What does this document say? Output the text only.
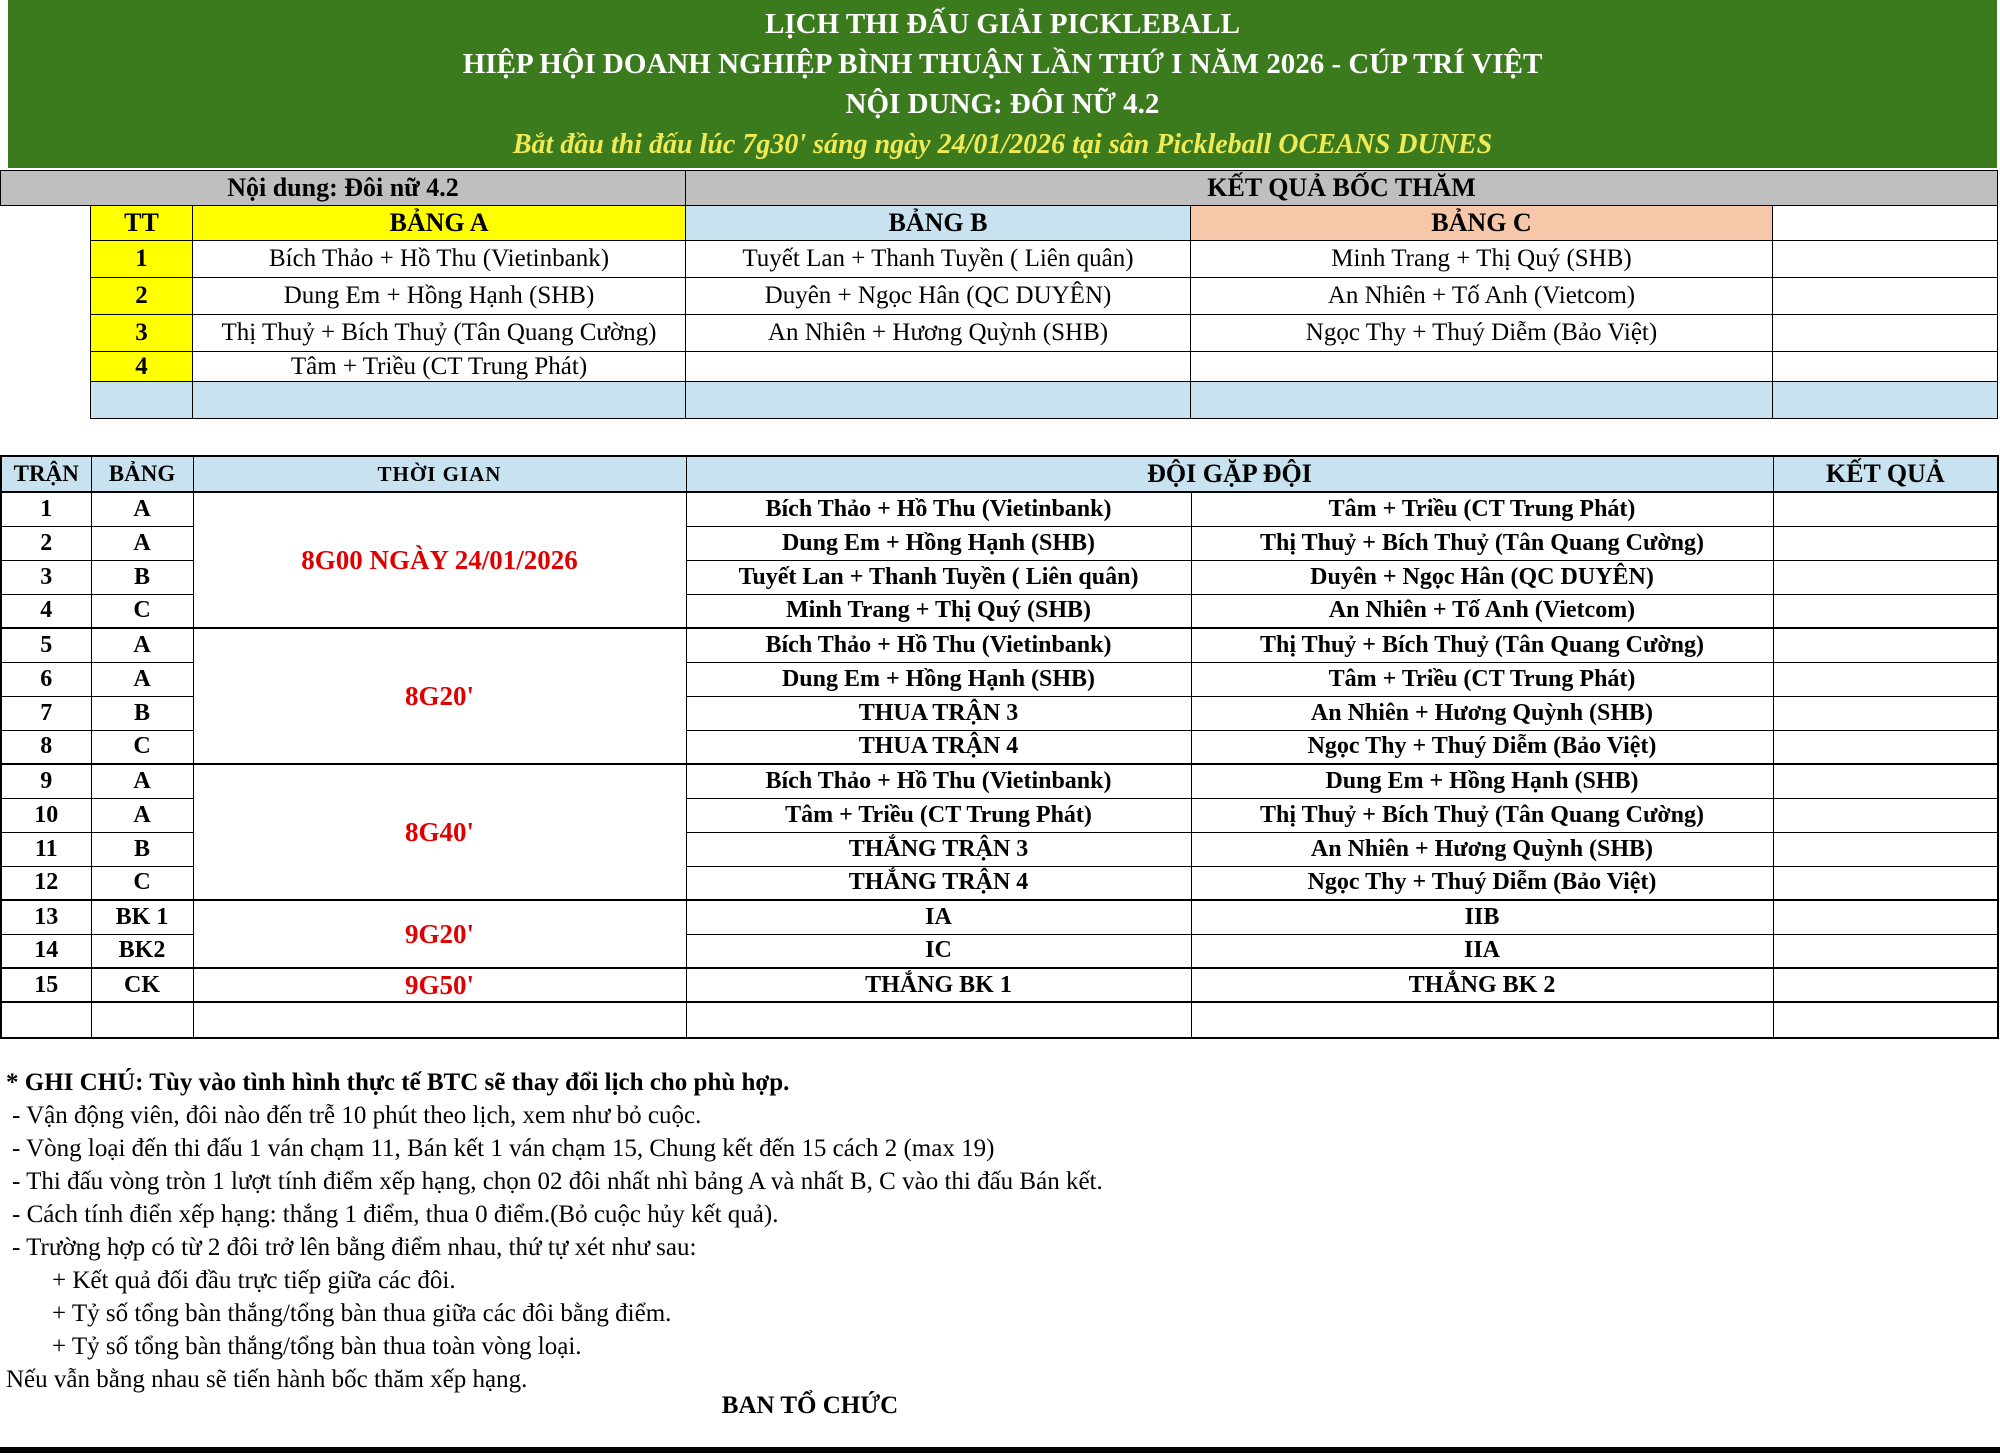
LỊCH THI ĐẤU GIẢI PICKLEBALL
HIỆP HỘI DOANH NGHIỆP BÌNH THUẬN LẦN THỨ I NĂM 2026 - CÚP TRÍ VIỆT
NỘI DUNG: ĐÔI NỮ 4.2
Bắt đầu thi đấu lúc 7g30' sáng ngày 24/01/2026 tại sân Pickleball OCEANS DUNES
Nội dung: Đôi nữ 4.2			KẾT QUẢ BỐC THĂM		
	TT	BẢNG A	BẢNG B	BẢNG C	
	1	Bích Thảo + Hồ Thu (Vietinbank)	Tuyết Lan + Thanh Tuyền ( Liên quân)	Minh Trang + Thị Quý (SHB)	
	2	Dung Em + Hồng Hạnh (SHB)	Duyên + Ngọc Hân (QC DUYÊN)	An Nhiên + Tố Anh (Vietcom)	
	3	Thị Thuỷ + Bích Thuỷ (Tân Quang Cường)	An Nhiên + Hương Quỳnh (SHB)	Ngọc Thy + Thuý Diễm (Bảo Việt)	
	4	Tâm + Triều (CT Trung Phát)			

TRẬN	BẢNG	THỜI GIAN	ĐỘI GẶP ĐỘI		KẾT QUẢ
1	A	8G00 NGÀY 24/01/2026	Bích Thảo + Hồ Thu (Vietinbank)	Tâm + Triều (CT Trung Phát)	
2	A		Dung Em + Hồng Hạnh (SHB)	Thị Thuỷ + Bích Thuỷ (Tân Quang Cường)	
3	B		Tuyết Lan + Thanh Tuyền ( Liên quân)	Duyên + Ngọc Hân (QC DUYÊN)	
4	C		Minh Trang + Thị Quý (SHB)	An Nhiên + Tố Anh (Vietcom)	
5	A	8G20'	Bích Thảo + Hồ Thu (Vietinbank)	Thị Thuỷ + Bích Thuỷ (Tân Quang Cường)	
6	A		Dung Em + Hồng Hạnh (SHB)	Tâm + Triều (CT Trung Phát)	
7	B		THUA TRẬN 3	An Nhiên + Hương Quỳnh (SHB)	
8	C		THUA TRẬN 4	Ngọc Thy + Thuý Diễm (Bảo Việt)	
9	A	8G40'	Bích Thảo + Hồ Thu (Vietinbank)	Dung Em + Hồng Hạnh (SHB)	
10	A		Tâm + Triều (CT Trung Phát)	Thị Thuỷ + Bích Thuỷ (Tân Quang Cường)	
11	B		THẮNG TRẬN 3	An Nhiên + Hương Quỳnh (SHB)	
12	C		THẮNG TRẬN 4	Ngọc Thy + Thuý Diễm (Bảo Việt)	
13	BK 1	9G20'	IA	IIB	
14	BK2		IC	IIA	
15	CK	9G50'	THẮNG BK 1	THẮNG BK 2	

* GHI CHÚ: Tùy vào tình hình thực tế BTC sẽ thay đổi lịch cho phù hợp.
- Vận động viên, đôi nào đến trễ 10 phút theo lịch, xem như bỏ cuộc.
- Vòng loại đến thi đấu 1 ván chạm 11, Bán kết 1 ván chạm 15, Chung kết đến 15 cách 2 (max 19)
- Thi đấu vòng tròn 1 lượt tính điểm xếp hạng, chọn 02 đôi nhất nhì bảng A và nhất B, C vào thi đấu Bán kết.
- Cách tính điển xếp hạng: thắng 1 điểm, thua 0 điểm.(Bỏ cuộc hủy kết quả).
- Trường hợp có từ 2 đôi trở lên bằng điểm nhau, thứ tự xét như sau:
+ Kết quả đối đầu trực tiếp giữa các đôi.
+ Tỷ số tổng bàn thắng/tổng bàn thua giữa các đôi bằng điểm.
+ Tỷ số tổng bàn thắng/tổng bàn thua toàn vòng loại.
Nếu vẫn bằng nhau sẽ tiến hành bốc thăm xếp hạng.
BAN TỔ CHỨC
